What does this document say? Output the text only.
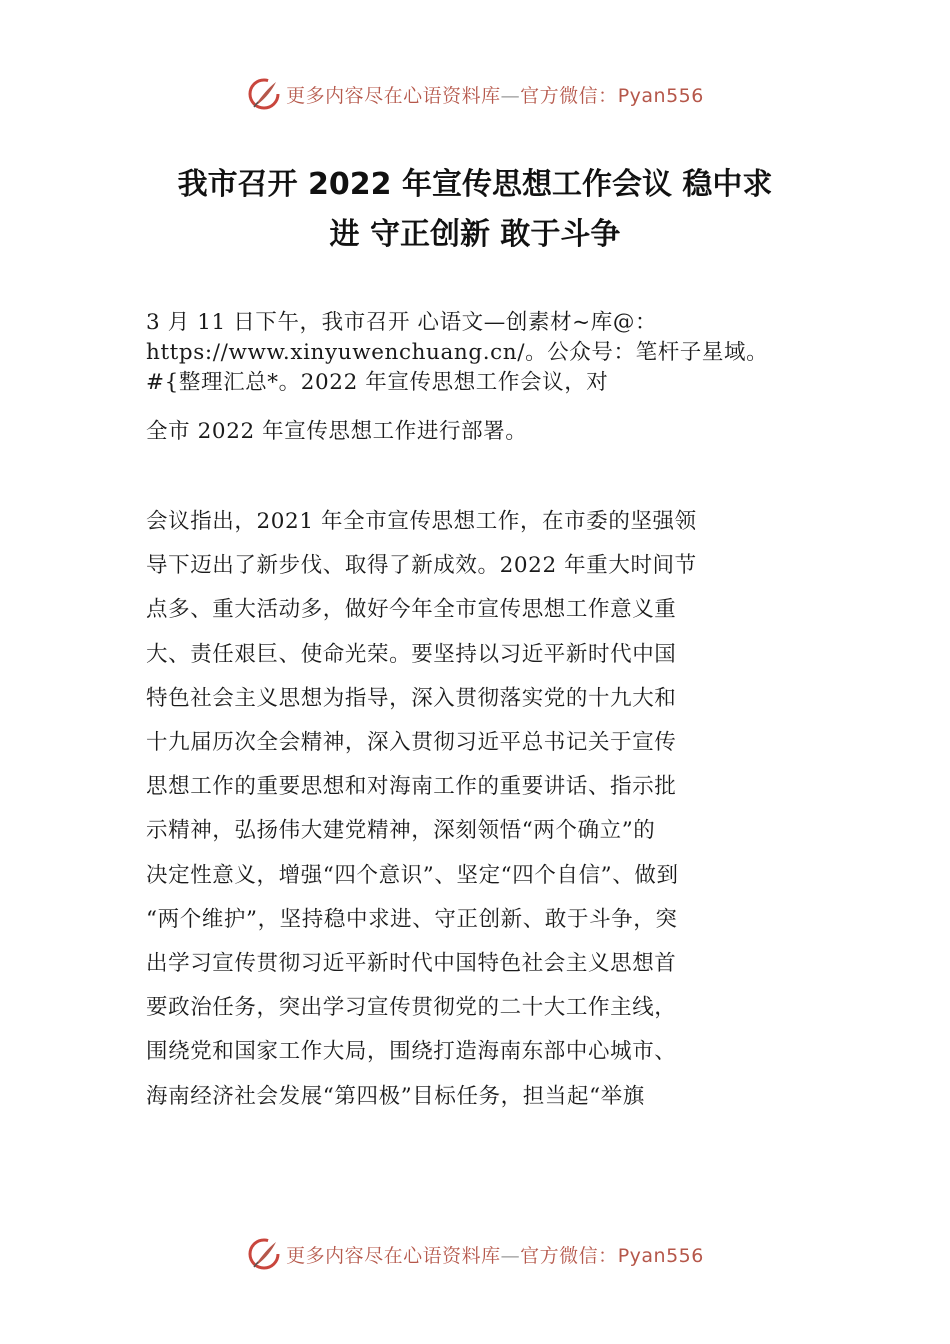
更多内容尽在心语资料库—官方微信：Pyan556
我市召开 2022 年宣传思想工作会议 稳中求
进 守正创新 敢于斗争
3 月 11 日下午，我市召开 心语文—创素材~库@：
https://www.xinyuwenchuang.cn/。公众号：笔杆子星域。
#{整理汇总*。2022 年宣传思想工作会议，对
全市 2022 年宣传思想工作进行部署。
会议指出，2021 年全市宣传思想工作，在市委的坚强领
导下迈出了新步伐、取得了新成效。2022 年重大时间节
点多、重大活动多，做好今年全市宣传思想工作意义重
大、责任艰巨、使命光荣。要坚持以习近平新时代中国
特色社会主义思想为指导，深入贯彻落实党的十九大和
十九届历次全会精神，深入贯彻习近平总书记关于宣传
思想工作的重要思想和对海南工作的重要讲话、指示批
示精神，弘扬伟大建党精神，深刻领悟“两个确立”的
决定性意义，增强“四个意识”、坚定“四个自信”、做到
“两个维护”，坚持稳中求进、守正创新、敢于斗争，突
出学习宣传贯彻习近平新时代中国特色社会主义思想首
要政治任务，突出学习宣传贯彻党的二十大工作主线，
围绕党和国家工作大局，围绕打造海南东部中心城市、
海南经济社会发展“第四极”目标任务，担当起“举旗
更多内容尽在心语资料库—官方微信：Pyan556
